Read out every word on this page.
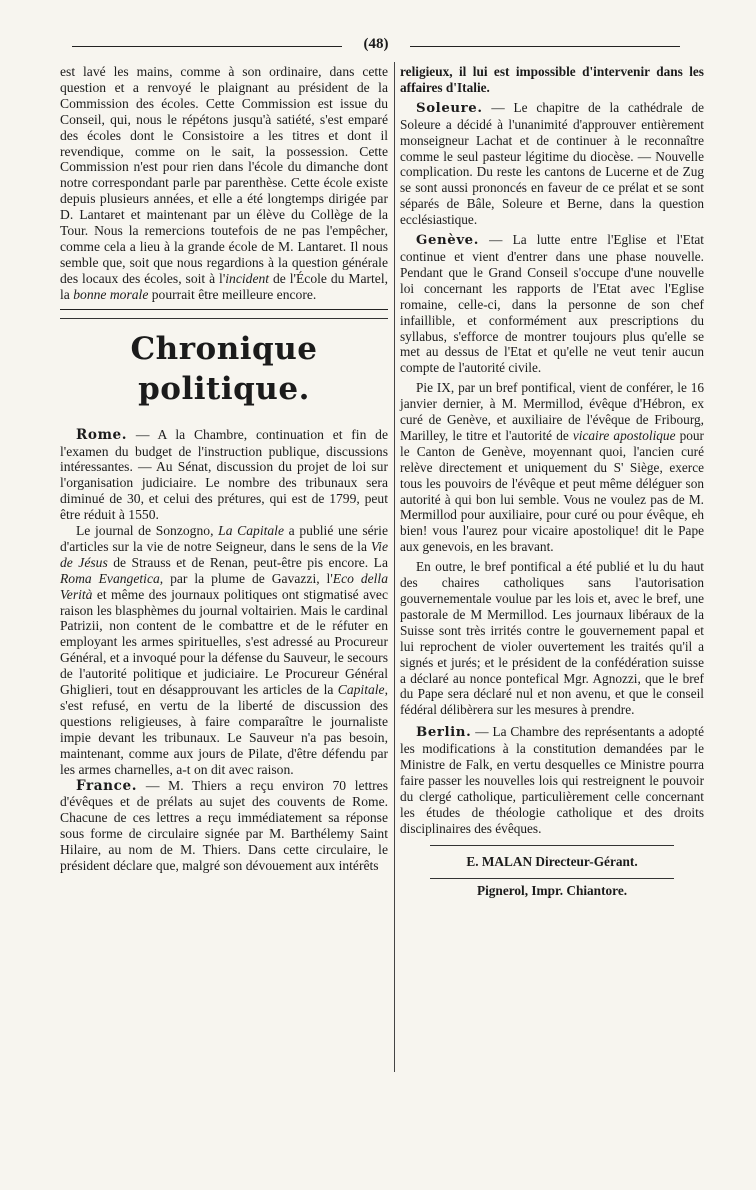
(48)

est lavé les mains, comme à son ordinaire, dans cette question et a renvoyé le plaignant au président de la Commission des écoles. Cette Commission est issue du Conseil, qui, nous le répétons jusqu'à satiété, s'est emparé des écoles dont le Consistoire a les titres et dont il revendique, comme on le sait, la possession. Cette Commission n'est pour rien dans l'école du dimanche dont notre correspondant parle par parenthèse. Cette école existe depuis plusieurs années, et elle a été longtemps dirigée par D. Lantaret et maintenant par un élève du Collège de la Tour. Nous la remercions toutefois de ne pas l'empêcher, comme cela a lieu à la grande école de M. Lantaret. Il nous semble que, soit que nous regardions à la question générale des locaux des écoles, soit à l'incident de l'École du Martel, la bonne morale pourrait être meilleure encore.

Chronique politique.

Rome. — A la Chambre, continuation et fin de l'examen du budget de l'instruction publique, discussions intéressantes. — Au Sénat, discussion du projet de loi sur l'organisation judiciaire. Le nombre des tribunaux sera diminué de 30, et celui des prétures, qui est de 1799, peut être réduit à 1550.

Le journal de Sonzogno, La Capitale a publié une série d'articles sur la vie de notre Seigneur, dans le sens de la Vie de Jésus de Strauss et de Renan, peut-être pis encore. La Roma Evangetica, par la plume de Gavazzi, l'Eco della Verità et même des journaux politiques ont stigmatisé avec raison les blasphèmes du journal voltairien. Mais le cardinal Patrizii, non content de le combattre et de le réfuter en employant les armes spirituelles, s'est adressé au Procureur Général, et a invoqué pour la défense du Sauveur, le secours de l'autorité politique et judiciaire. Le Procureur Général Ghiglieri, tout en désapprouvant les articles de la Capitale, s'est refusé, en vertu de la liberté de discussion des questions religieuses, à faire comparaître le journaliste impie devant les tribunaux. Le Sauveur n'a pas besoin, maintenant, comme aux jours de Pilate, d'être défendu par les armes charnelles, a-t on dit avec raison.

France. — M. Thiers a reçu environ 70 lettres d'évêques et de prélats au sujet des couvents de Rome. Chacune de ces lettres a reçu immédiatement sa réponse sous forme de circulaire signée par M. Barthélemy Saint Hilaire, au nom de M. Thiers. Dans cette circulaire, le président déclare que, malgré son dévouement aux intérêts

religieux, il lui est impossible d'intervenir dans les affaires d'Italie.

Soleure. — Le chapitre de la cathédrale de Soleure a décidé à l'unanimité d'approuver entièrement monseigneur Lachat et de continuer à le reconnaître comme le seul pasteur légitime du diocèse. — Nouvelle complication. Du reste les cantons de Lucerne et de Zug se sont aussi prononcés en faveur de ce prélat et se sont séparés de Bâle, Soleure et Berne, dans la question ecclésiastique.

Genève. — La lutte entre l'Eglise et l'Etat continue et vient d'entrer dans une phase nouvelle. Pendant que le Grand Conseil s'occupe d'une nouvelle loi concernant les rapports de l'Etat avec l'Eglise romaine, celle-ci, dans la personne de son chef infaillible, et conformément aux prescriptions du syllabus, s'efforce de montrer toujours plus qu'elle se met au dessus de l'Etat et qu'elle ne veut tenir aucun compte de l'autorité civile.

Pie IX, par un bref pontifical, vient de conférer, le 16 janvier dernier, à M. Mermillod, évêque d'Hébron, ex curé de Genève, et auxiliaire de l'évêque de Fribourg, Marilley, le titre et l'autorité de vicaire apostolique pour le Canton de Genève, moyennant quoi, l'ancien curé relève directement et uniquement du S' Siège, exerce tous les pouvoirs de l'évêque et peut même déléguer son autorité à qui bon lui semble. Vous ne voulez pas de M. Mermillod pour auxiliaire, pour curé ou pour évêque, eh bien! vous l'aurez pour vicaire apostolique! dit le Pape aux genevois, en les bravant.

En outre, le bref pontifical a été publié et lu du haut des chaires catholiques sans l'autorisation gouvernementale voulue par les lois et, avec le bref, une pastorale de M Mermillod. Les journaux libéraux de la Suisse sont très irrités contre le gouvernement papal et lui reprochent de violer ouvertement les traités qu'il a signés et jurés; et le président de la confédération suisse a déclaré au nonce pontefical Mgr. Agnozzi, que le bref du Pape sera déclaré nul et non avenu, et que le conseil fédéral délibèrera sur les mesures à prendre.

Berlin. — La Chambre des représentants a adopté les modifications à la constitution demandées par le Ministre de Falk, en vertu desquelles ce Ministre pourra faire passer les nouvelles lois qui restreignent le pouvoir du clergé catholique, particulièrement celle concernant les études de théologie catholique et des droits disciplinaires des évêques.

E. MALAN Directeur-Gérant.

Pignerol, Impr. Chiantore.
